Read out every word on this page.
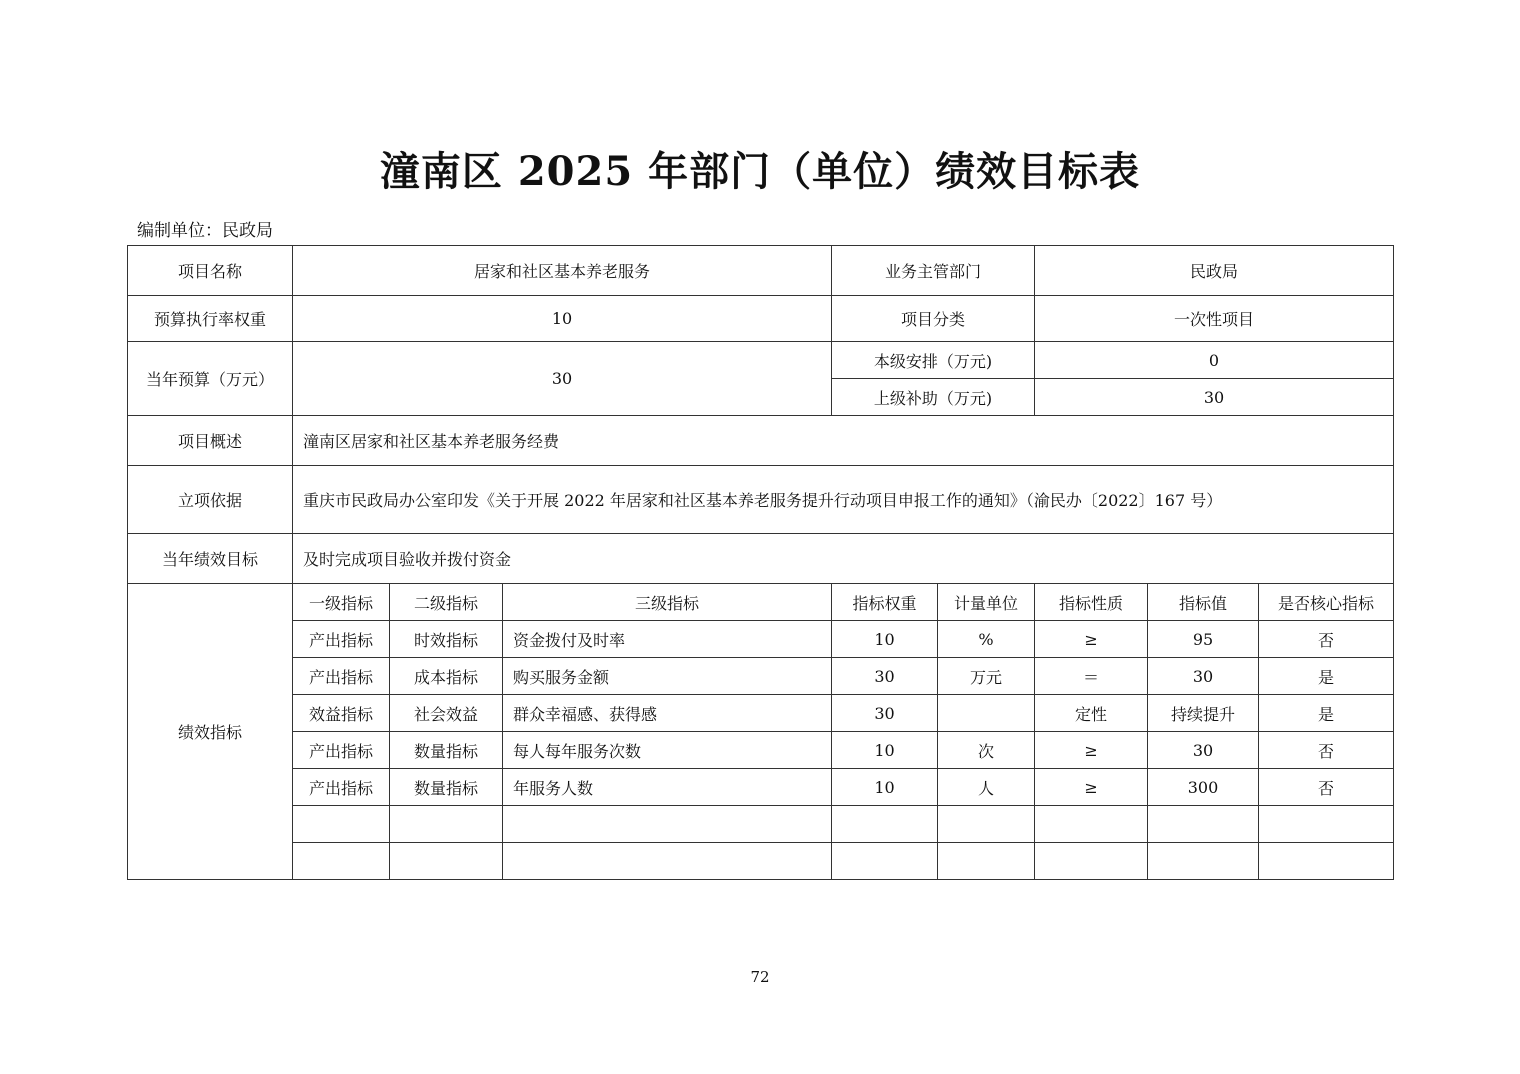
潼南区 2025 年部门（单位）绩效目标表
编制单位：民政局
项目名称	居家和社区基本养老服务			业务主管部门		民政局		
预算执行率权重	10			项目分类		一次性项目		
当年预算（万元）	30			本级安排（万元)		0		
				上级补助（万元)		30		
项目概述	潼南区居家和社区基本养老服务经费							
立项依据	重庆市民政局办公室印发《关于开展 2022 年居家和社区基本养老服务提升行动项目申报工作的通知》（渝民办〔2022〕167 号）							
当年绩效目标	及时完成项目验收并拨付资金							
绩效指标	一级指标	二级指标	三级指标	指标权重	计量单位	指标性质	指标值	是否核心指标
	产出指标	时效指标	资金拨付及时率	10	%	≥	95	否
	产出指标	成本指标	购买服务金额	30	万元	＝	30	是
	效益指标	社会效益	群众幸福感、获得感	30		定性	持续提升	是
	产出指标	数量指标	每人每年服务次数	10	次	≥	30	否
	产出指标	数量指标	年服务人数	10	人	≥	300	否

72
